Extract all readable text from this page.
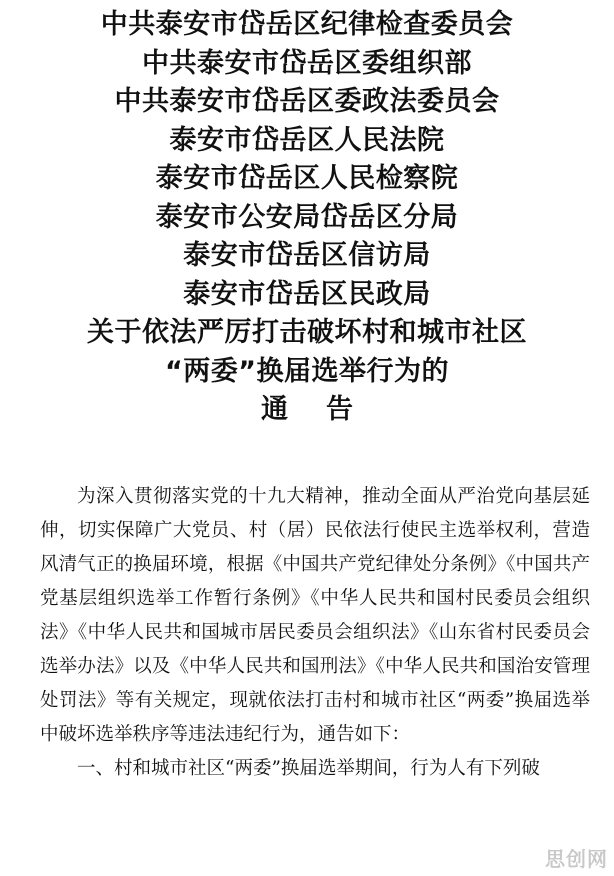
中共泰安市岱岳区纪律检查委员会
中共泰安市岱岳区委组织部
中共泰安市岱岳区委政法委员会
泰安市岱岳区人民法院
泰安市岱岳区人民检察院
泰安市公安局岱岳区分局
泰安市岱岳区信访局
泰安市岱岳区民政局
关于依法严厉打击破坏村和城市社区
“两委”换届选举行为的
通告

为深入贯彻落实党的十九大精神，推动全面从严治党向基层延伸，切实保障广大党员、村（居）民依法行使民主选举权利，营造风清气正的换届环境，根据《中国共产党纪律处分条例》《中国共产党基层组织选举工作暂行条例》《中华人民共和国村民委员会组织法》《中华人民共和国城市居民委员会组织法》《山东省村民委员会选举办法》以及《中华人民共和国刑法》《中华人民共和国治安管理处罚法》等有关规定，现就依法打击村和城市社区“两委”换届选举中破坏选举秩序等违法违纪行为，通告如下：

一、村和城市社区“两委”换届选举期间，行为人有下列破

思创网
